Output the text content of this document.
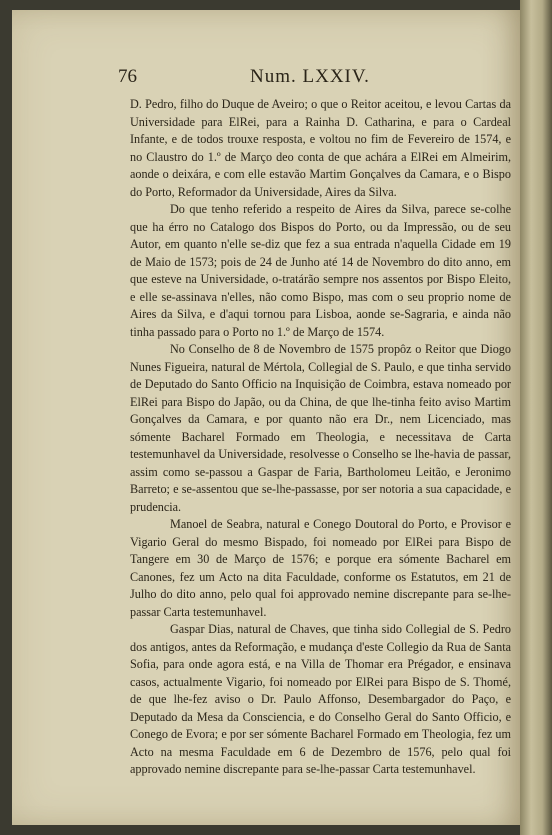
76	Num. LXXIV.

D. Pedro, filho do Duque de Aveiro; o que o Reitor aceitou, e levou Cartas da Universidade para ElRei, para a Rainha D. Catharina, e para o Cardeal Infante, e de todos trouxe resposta, e voltou no fim de Fevereiro de 1574, e no Claustro do 1.º de Março deo conta de que achára a ElRei em Almeirim, aonde o deixára, e com elle estavão Martim Gonçalves da Camara, e o Bispo do Porto, Reformador da Universidade, Aires da Silva.

Do que tenho referido a respeito de Aires da Silva, parece se-colhe que ha érro no Catalogo dos Bispos do Porto, ou da Impressão, ou de seu Autor, em quanto n'elle se-diz que fez a sua entrada n'aquella Cidade em 19 de Maio de 1573; pois de 24 de Junho até 14 de Novembro do dito anno, em que esteve na Universidade, o-tratárão sempre nos assentos por Bispo Eleito, e elle se-assinava n'elles, não como Bispo, mas com o seu proprio nome de Aires da Silva, e d'aqui tornou para Lisboa, aonde se-Sagraria, e ainda não tinha passado para o Porto no 1.º de Março de 1574.

No Conselho de 8 de Novembro de 1575 propôz o Reitor que Diogo Nunes Figueira, natural de Mértola, Collegial de S. Paulo, e que tinha servido de Deputado do Santo Officio na Inquisição de Coimbra, estava nomeado por ElRei para Bispo do Japão, ou da China, de que lhe-tinha feito aviso Martim Gonçalves da Camara, e por quanto não era Dr., nem Licenciado, mas sómente Bacharel Formado em Theologia, e necessitava de Carta testemunhavel da Universidade, resolvesse o Conselho se lhe-havia de passar, assim como se-passou a Gaspar de Faria, Bartholomeu Leitão, e Jeronimo Barreto; e se-assentou que se-lhe-passasse, por ser notoria a sua capacidade, e prudencia.

Manoel de Seabra, natural e Conego Doutoral do Porto, e Provisor e Vigario Geral do mesmo Bispado, foi nomeado por ElRei para Bispo de Tangere em 30 de Março de 1576; e porque era sómente Bacharel em Canones, fez um Acto na dita Faculdade, conforme os Estatutos, em 21 de Julho do dito anno, pelo qual foi approvado nemine discrepante para se-lhe-passar Carta testemunhavel.

Gaspar Dias, natural de Chaves, que tinha sido Collegial de S. Pedro dos antigos, antes da Reformação, e mudança d'este Collegio da Rua de Santa Sofia, para onde agora está, e na Villa de Thomar era Prégador, e ensinava casos, actualmente Vigario, foi nomeado por ElRei para Bispo de S. Thomé, de que lhe-fez aviso o Dr. Paulo Affonso, Desembargador do Paço, e Deputado da Mesa da Consciencia, e do Conselho Geral do Santo Officio, e Conego de Evora; e por ser sómente Bacharel Formado em Theologia, fez um Acto na mesma Faculdade em 6 de Dezembro de 1576, pelo qual foi approvado nemine discrepante para se-lhe-passar Carta testemunhavel.
